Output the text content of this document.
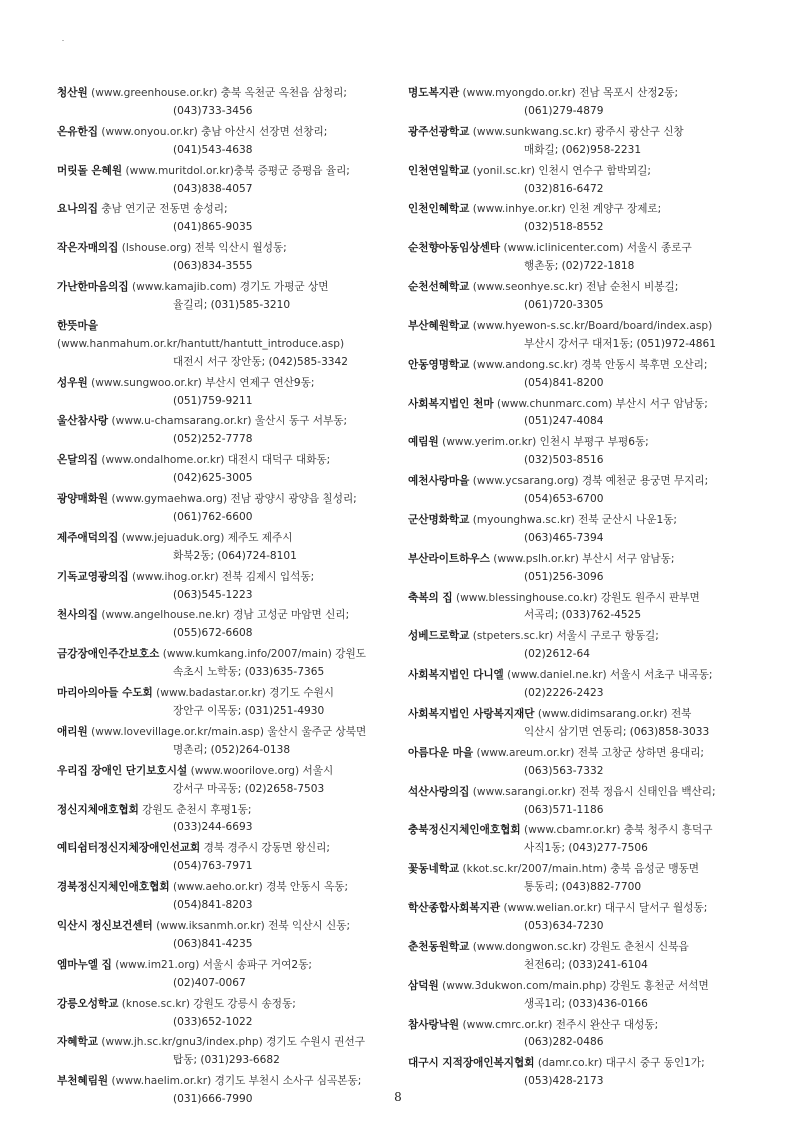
청산원 (www.greenhouse.or.kr) 충북 옥천군 옥천읍 삼청리;
(043)733-3456
온유한집 (www.onyou.or.kr) 충남 아산시 선장면 선창리;
(041)543-4638
머릿돌 은혜원 (www.muritdol.or.kr)충북 증평군 증평읍 율리;
(043)838-4057
요나의집 충남 연기군 전동면 송성리;
(041)865-9035
작은자매의집 (lshouse.org) 전북 익산시 월성동;
(063)834-3555
가난한마음의집 (www.kamajib.com) 경기도 가평군 상면
율길리; (031)585-3210
한뜻마을 (www.hanmahum.or.kr/hantutt/hantutt_introduce.asp)
대전시 서구 장안동; (042)585-3342
성우원 (www.sungwoo.or.kr) 부산시 연제구 연산9동;
(051)759-9211
울산참사랑 (www.u-chamsarang.or.kr) 울산시 동구 서부동;
(052)252-7778
온달의집 (www.ondalhome.or.kr) 대전시 대덕구 대화동;
(042)625-3005
광양매화원 (www.gymaehwa.org) 전남 광양시 광양읍 칠성리;
(061)762-6600
제주애덕의집 (www.jejuaduk.org) 제주도 제주시
화북2동; (064)724-8101
기독교영광의집 (www.ihog.or.kr) 전북 김제시 입석동;
(063)545-1223
천사의집 (www.angelhouse.ne.kr) 경남 고성군 마암면 신리;
(055)672-6608
금강장애인주간보호소 (www.kumkang.info/2007/main) 강원도
속초시 노학동; (033)635-7365
마리아의아들 수도회 (www.badastar.or.kr) 경기도 수원시
장안구 이목동; (031)251-4930
애리원 (www.lovevillage.or.kr/main.asp) 울산시 울주군 상북면
명촌리; (052)264-0138
우리집 장애인 단기보호시설 (www.woorilove.org) 서울시
강서구 마곡동; (02)2658-7503
정신지체애호협회 강원도 춘천시 후평1동;
(033)244-6693
예티쉼터정신지체장애인선교회 경북 경주시 강동면 왕신리;
(054)763-7971
경북정신지체인애호협회 (www.aeho.or.kr) 경북 안동시 옥동;
(054)841-8203
익산시 정신보건센터 (www.iksanmh.or.kr) 전북 익산시 신동;
(063)841-4235
엠마누엘 집 (www.im21.org) 서울시 송파구 거여2동;
(02)407-0067
강릉오성학교 (knose.sc.kr) 강원도 강릉시 송정동;
(033)652-1022
자혜학교 (www.jh.sc.kr/gnu3/index.php) 경기도 수원시 권선구
탑동; (031)293-6682
부천혜림원 (www.haelim.or.kr) 경기도 부천시 소사구 심곡본동;
(031)666-7990
명도복지관 (www.myongdo.or.kr) 전남 목포시 산정2동;
(061)279-4879
광주선광학교 (www.sunkwang.sc.kr) 광주시 광산구 신창
매화길; (062)958-2231
인천연일학교 (yonil.sc.kr) 인천시 연수구 함박뫼길;
(032)816-6472
인천인혜학교 (www.inhye.or.kr) 인천 계양구 장제로;
(032)518-8552
순천향아동임상센타 (www.iclinicenter.com) 서울시 종로구
행촌동; (02)722-1818
순천선혜학교 (www.seonhye.sc.kr) 전남 순천시 비봉길;
(061)720-3305
부산혜원학교 (www.hyewon-s.sc.kr/Board/board/index.asp)
부산시 강서구 대저1동; (051)972-4861
안동영명학교 (www.andong.sc.kr) 경북 안동시 북후면 오산리;
(054)841-8200
사회복지법인 천마 (www.chunmarc.com) 부산시 서구 암남동;
(051)247-4084
예림원 (www.yerim.or.kr) 인천시 부평구 부평6동;
(032)503-8516
예천사랑마을 (www.ycsarang.org) 경북 예천군 용궁면 무지리;
(054)653-6700
군산명화학교 (myounghwa.sc.kr) 전북 군산시 나운1동;
(063)465-7394
부산라이트하우스 (www.pslh.or.kr) 부산시 서구 암남동;
(051)256-3096
축복의 집 (www.blessinghouse.co.kr) 강원도 원주시 판부면
서곡리; (033)762-4525
성베드로학교 (stpeters.sc.kr) 서울시 구로구 항동길;
(02)2612-64
사회복지법인 다니엘 (www.daniel.ne.kr) 서울시 서초구 내곡동;
(02)2226-2423
사회복지법인 사랑복지재단 (www.didimsarang.or.kr) 전북
익산시 삼기면 연동리; (063)858-3033
아름다운 마을 (www.areum.or.kr) 전북 고창군 상하면 용대리;
(063)563-7332
석산사랑의집 (www.sarangi.or.kr) 전북 정읍시 신태인읍 백산리;
(063)571-1186
충북정신지체인애호협회 (www.cbamr.or.kr) 충북 청주시 흥덕구
사직1동; (043)277-7506
꽃동네학교 (kkot.sc.kr/2007/main.htm) 충북 음성군 맹동면
통동리; (043)882-7700
학산종합사회복지관 (www.welian.or.kr) 대구시 달서구 월성동;
(053)634-7230
춘천동원학교 (www.dongwon.sc.kr) 강원도 춘천시 신북읍
천전6리; (033)241-6104
삼덕원 (www.3dukwon.com/main.php) 강원도 홍천군 서석면
생곡1리; (033)436-0166
참사랑낙원 (www.cmrc.or.kr) 전주시 완산구 대성동;
(063)282-0486
대구시 지적장애인복지협회 (damr.co.kr) 대구시 중구 동인1가;
(053)428-2173
8
